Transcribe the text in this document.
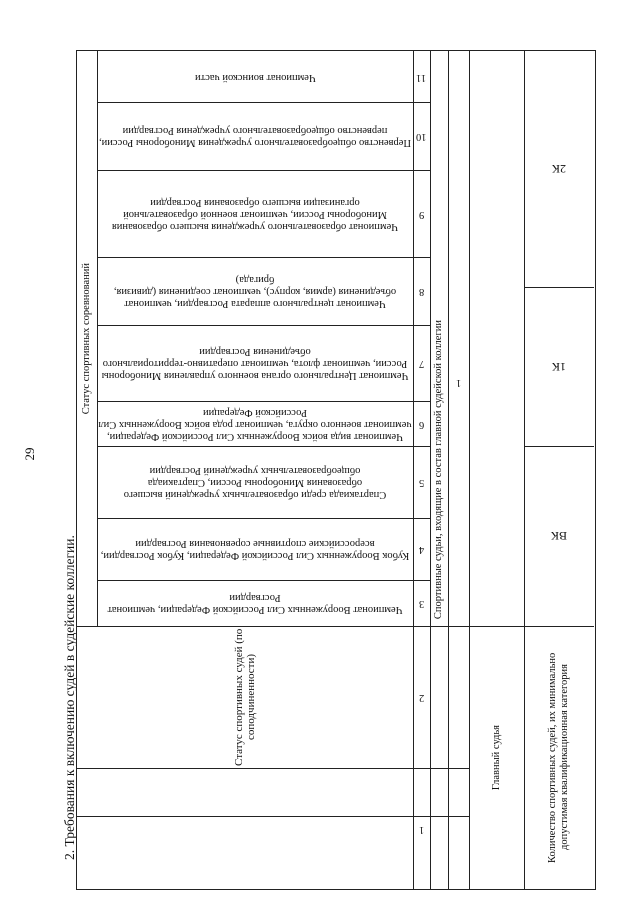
29
2. Требования к включению судей в судейские коллегии.
Статус спортивных соревнований
Чемпионат воинской части
Первенство общеобразовательного учреждения Минобороны России, первенство общеобразовательного учреждения Росгвардии
Чемпионат образовательного учреждения высшего образования Минобороны России, чемпионат военной образовательной организации высшего образования Росгвардии
Чемпионат центрального аппарата Росгвардии, чемпионат объединения (армия, корпус), чемпионат соединения (дивизия, бригада)
Чемпионат Центрального органа военного управления Минобороны России, чемпионат флота, чемпионат оперативно-территориального объединения Росгвардии
Чемпионат вида войск Вооруженных Сил Российской Федерации, чемпионат военного округа, чемпионат рода войск Вооруженных Сил Российской Федерации
Спартакиада среди образовательных учреждений высшего образования Минобороны России, Спартакиада общеобразовательных учреждений Росгвардии
Кубок Вооруженных Сил Российской Федерации, Кубок Росгвардии, всероссийские спортивные соревнования Росгвардии
Чемпионат Вооруженных Сил Российской Федерации, чемпионат Росгвардии
11
10
9
8
7
6
5
4
3
2
1
Спортивные судьи, входящие в состав главной судейской коллегии 1
Статус спортивных судей (по соподчиненности)
Главный судья	Количество спортивных судей, их минимально допустимая квалификационная категория
2К
1К
ВК
